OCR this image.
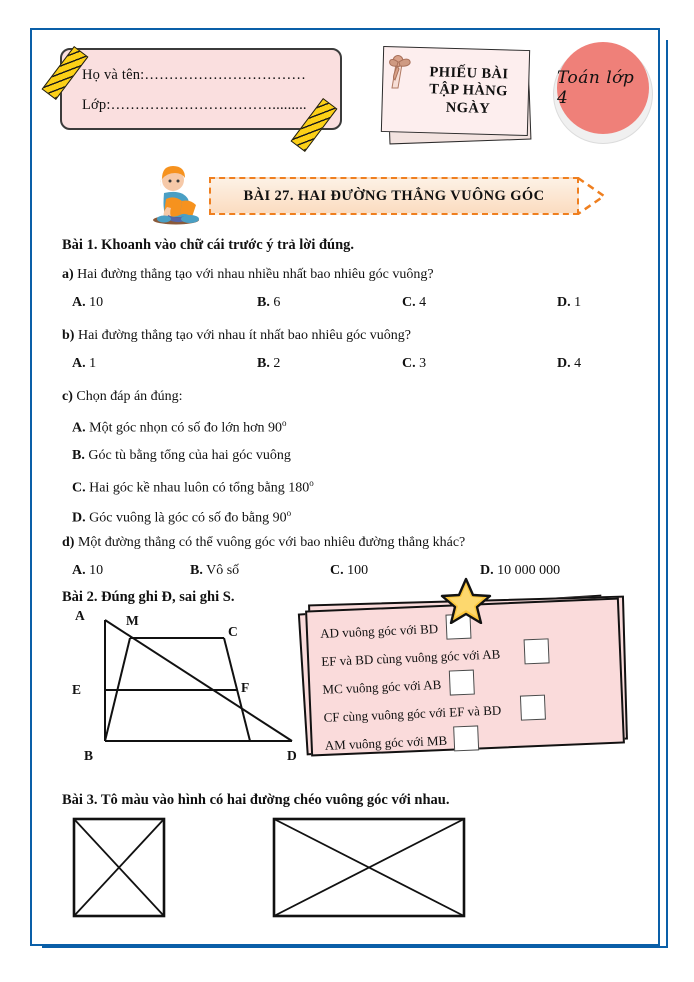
Họ và tên:……………………………
Lớp:…………………………….........
PHIẾU BÀI
TẬP HÀNG
NGÀY
Toán lớp 4
BÀI 27. HAI ĐƯỜNG THẲNG VUÔNG GÓC
Bài 1. Khoanh vào chữ cái trước ý trả lời đúng.
a) Hai đường thẳng tạo với nhau nhiều nhất bao nhiêu góc vuông?
A. 10	B. 6	C. 4	D. 1
b) Hai đường thẳng tạo với nhau ít nhất bao nhiêu góc vuông?
A. 1	B. 2	C. 3	D. 4
c) Chọn đáp án đúng:
A. Một góc nhọn có số đo lớn hơn 90$^o$
B. Góc tù bằng tổng của hai góc vuông
C. Hai góc kề nhau luôn có tổng bằng 180$^o$
D. Góc vuông là góc có số đo bằng 90$^o$
d) Một đường thẳng có thể vuông góc với bao nhiêu đường thẳng khác?
A. 10	B. Vô số	C. 100	D. 10 000 000
Bài 2. Đúng ghi Đ, sai ghi S.
A	M
C
E	F
B	D
AD vuông góc với BD
EF và BD cùng vuông góc với AB
MC vuông góc với AB
CF cùng vuông góc với EF và BD
AM vuông góc với MB
Bài 3. Tô màu vào hình có hai đường chéo vuông góc với nhau.
